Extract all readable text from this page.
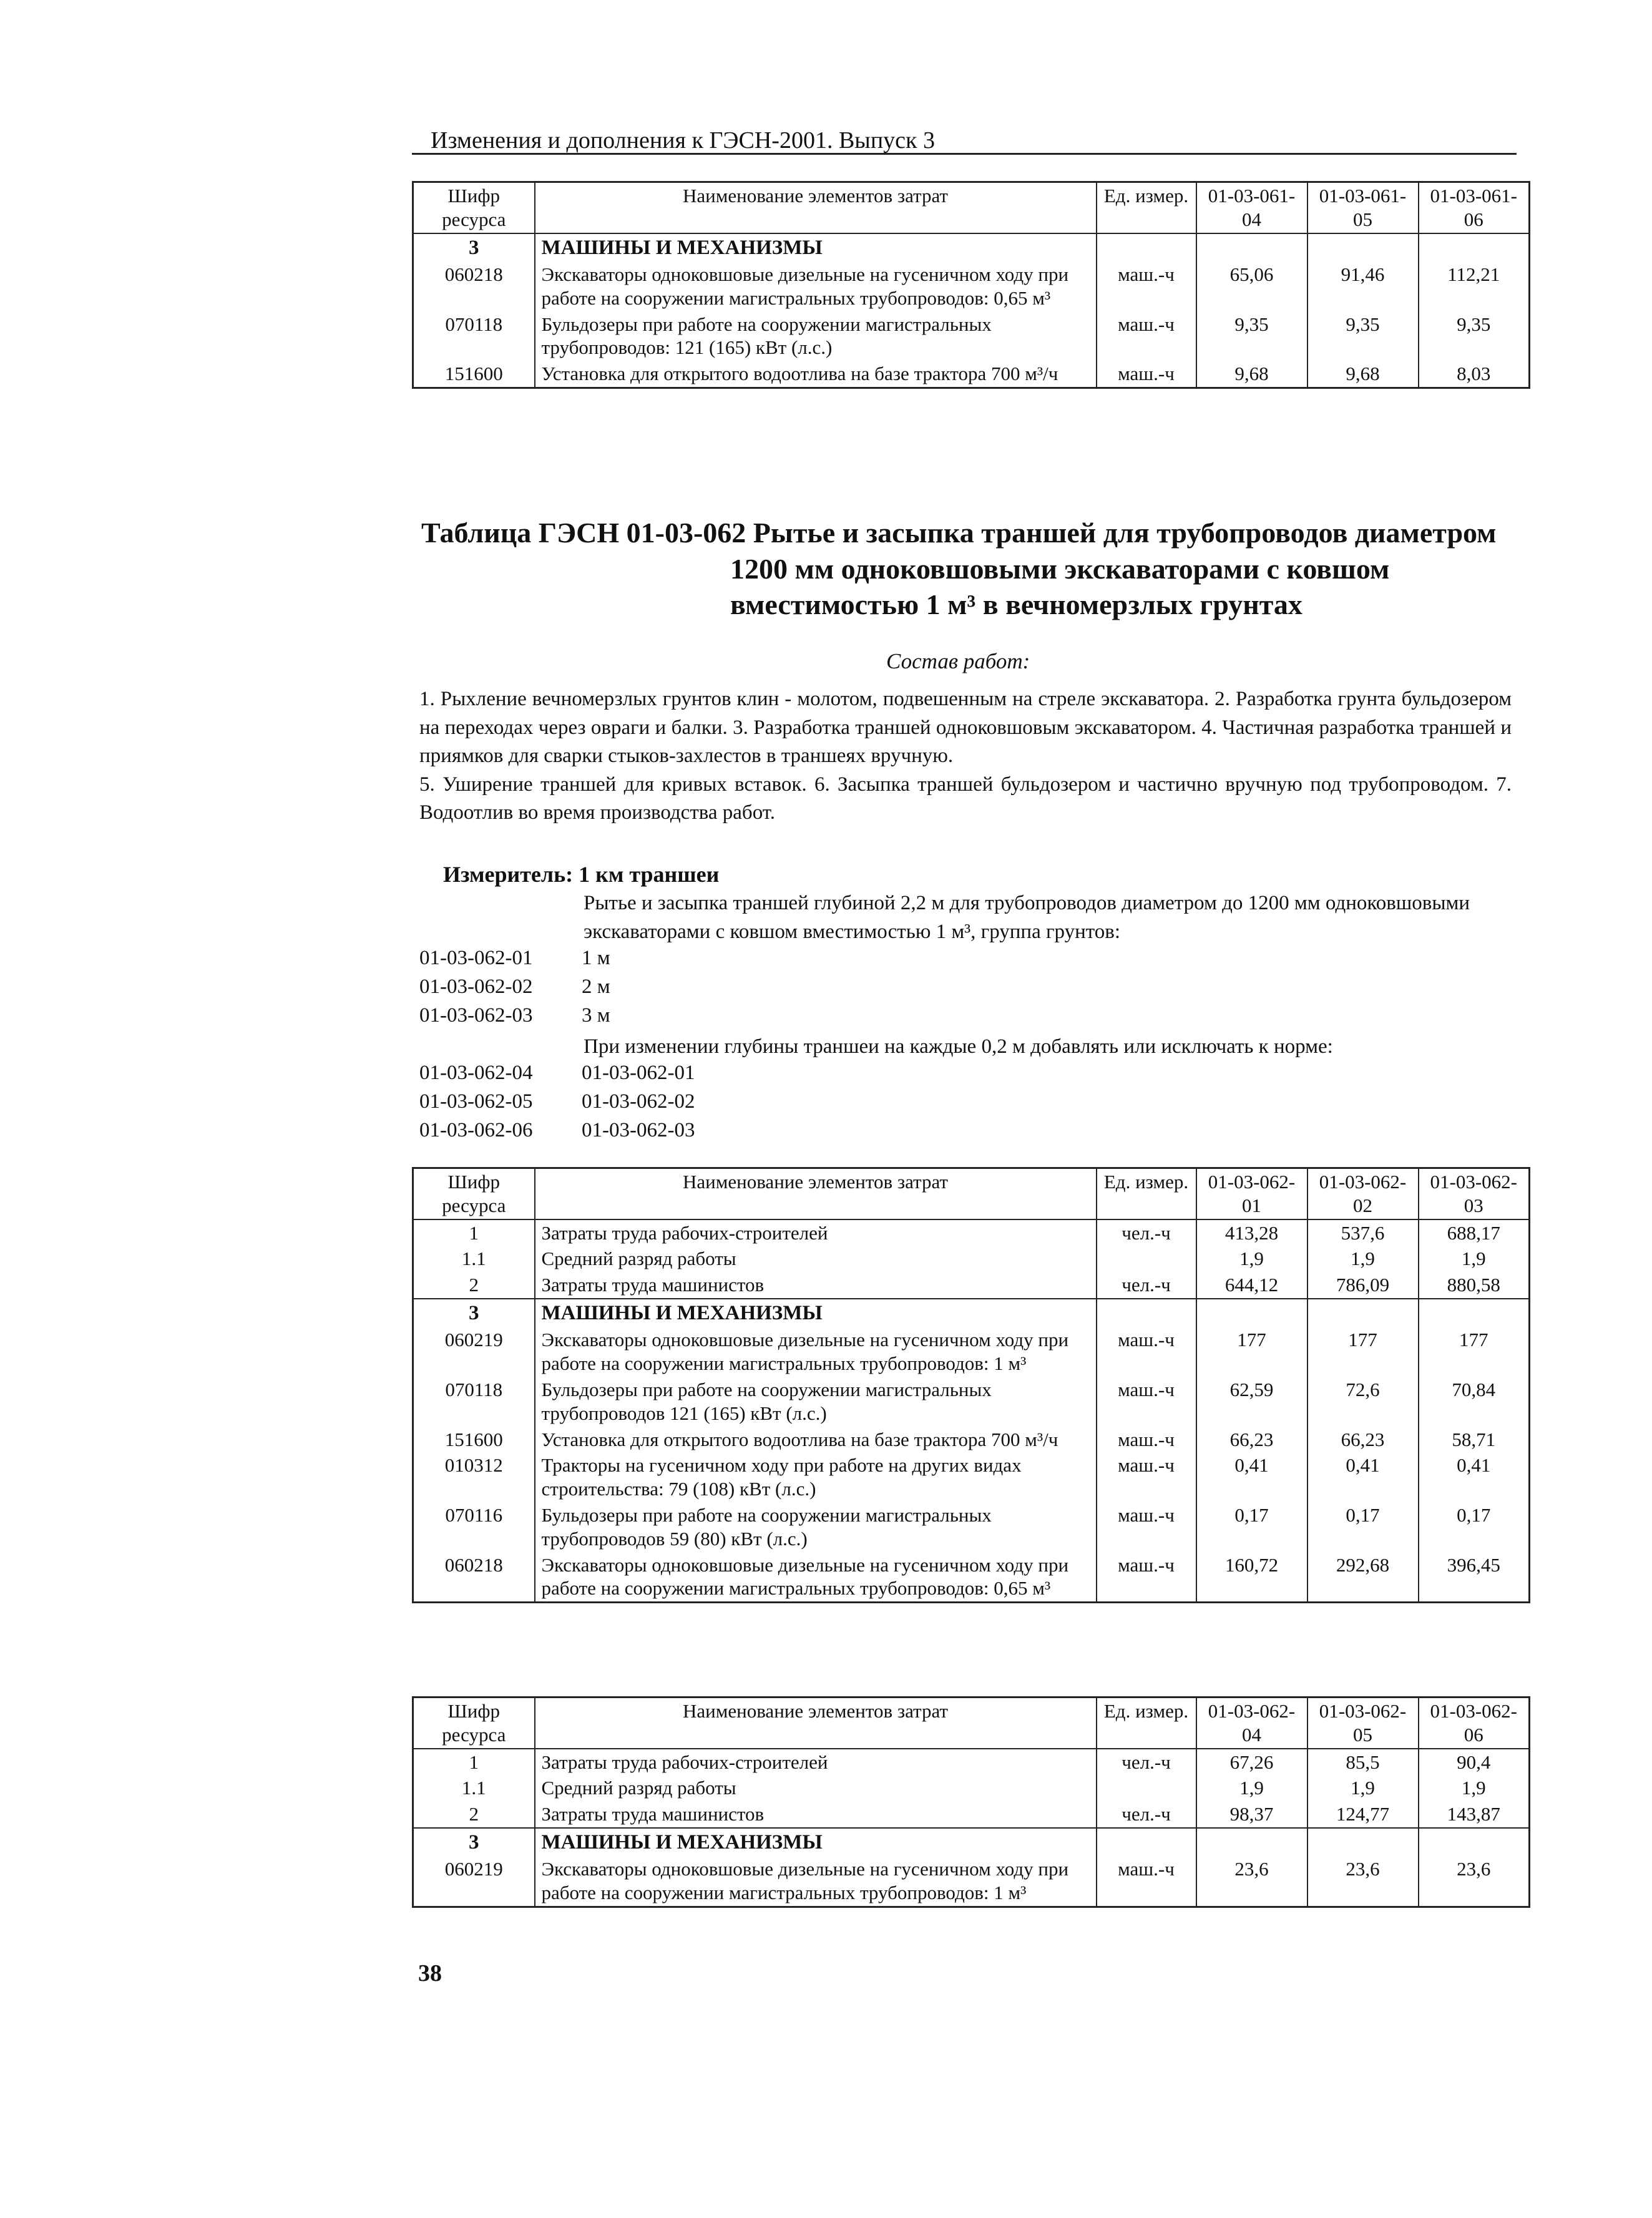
Изменения и дополнения к ГЭСН-2001. Выпуск 3
Шифр ресурса	Наименование элементов затрат	Ед. измер.	01-03-061-04	01-03-061-05	01-03-061-06
3	МАШИНЫ И МЕХАНИЗМЫ				
060218	Экскаваторы одноковшовые дизельные на гусеничном ходу при работе на сооружении магистральных трубопроводов: 0,65 м³	маш.-ч	65,06	91,46	112,21
070118	Бульдозеры при работе на сооружении магистральных трубопроводов: 121 (165) кВт (л.с.)	маш.-ч	9,35	9,35	9,35
151600	Установка для открытого водоотлива на базе трактора 700 м³/ч	маш.-ч	9,68	9,68	8,03
Таблица ГЭСН 01-03-062 Рытье и засыпка траншей для трубопроводов диаметром
1200 мм одноковшовыми экскаваторами с ковшом
вместимостью 1 м³ в вечномерзлых грунтах
Состав работ:

1. Рыхление вечномерзлых грунтов клин - молотом, подвешенным на стреле экскаватора. 2. Разработка грунта бульдозером на переходах через овраги и балки. 3. Разработка траншей одноковшовым экскаватором. 4. Частичная разработка траншей и приямков для сварки стыков-захлестов в траншеях вручную.

5. Уширение траншей для кривых вставок. 6. Засыпка траншей бульдозером и частично вручную под трубопроводом. 7. Водоотлив во время производства работ.

Измеритель: 1 км траншеи
Рытье и засыпка траншей глубиной 2,2 м для трубопроводов диаметром до 1200 мм одноковшовыми экскаваторами с ковшом вместимостью 1 м³, группа грунтов:
01-03-062-01 1 м
01-03-062-02 2 м
01-03-062-03 3 м
При изменении глубины траншеи на каждые 0,2 м добавлять или исключать к норме:
01-03-062-04 01-03-062-01
01-03-062-05 01-03-062-02
01-03-062-06 01-03-062-03
Шифр ресурса	Наименование элементов затрат	Ед. измер.	01-03-062-01	01-03-062-02	01-03-062-03
1	Затраты труда рабочих-строителей	чел.-ч	413,28	537,6	688,17
1.1	Средний разряд работы		1,9	1,9	1,9
2	Затраты труда машинистов	чел.-ч	644,12	786,09	880,58
3	МАШИНЫ И МЕХАНИЗМЫ				
060219	Экскаваторы одноковшовые дизельные на гусеничном ходу при работе на сооружении магистральных трубопроводов: 1 м³	маш.-ч	177	177	177
070118	Бульдозеры при работе на сооружении магистральных трубопроводов 121 (165) кВт (л.с.)	маш.-ч	62,59	72,6	70,84
151600	Установка для открытого водоотлива на базе трактора 700 м³/ч	маш.-ч	66,23	66,23	58,71
010312	Тракторы на гусеничном ходу при работе на других видах строительства: 79 (108) кВт (л.с.)	маш.-ч	0,41	0,41	0,41
070116	Бульдозеры при работе на сооружении магистральных трубопроводов 59 (80) кВт (л.с.)	маш.-ч	0,17	0,17	0,17
060218	Экскаваторы одноковшовые дизельные на гусеничном ходу при работе на сооружении магистральных трубопроводов: 0,65 м³	маш.-ч	160,72	292,68	396,45
Шифр ресурса	Наименование элементов затрат	Ед. измер.	01-03-062-04	01-03-062-05	01-03-062-06
1	Затраты труда рабочих-строителей	чел.-ч	67,26	85,5	90,4
1.1	Средний разряд работы		1,9	1,9	1,9
2	Затраты труда машинистов	чел.-ч	98,37	124,77	143,87
3	МАШИНЫ И МЕХАНИЗМЫ				
060219	Экскаваторы одноковшовые дизельные на гусеничном ходу при работе на сооружении магистральных трубопроводов: 1 м³	маш.-ч	23,6	23,6	23,6
38
